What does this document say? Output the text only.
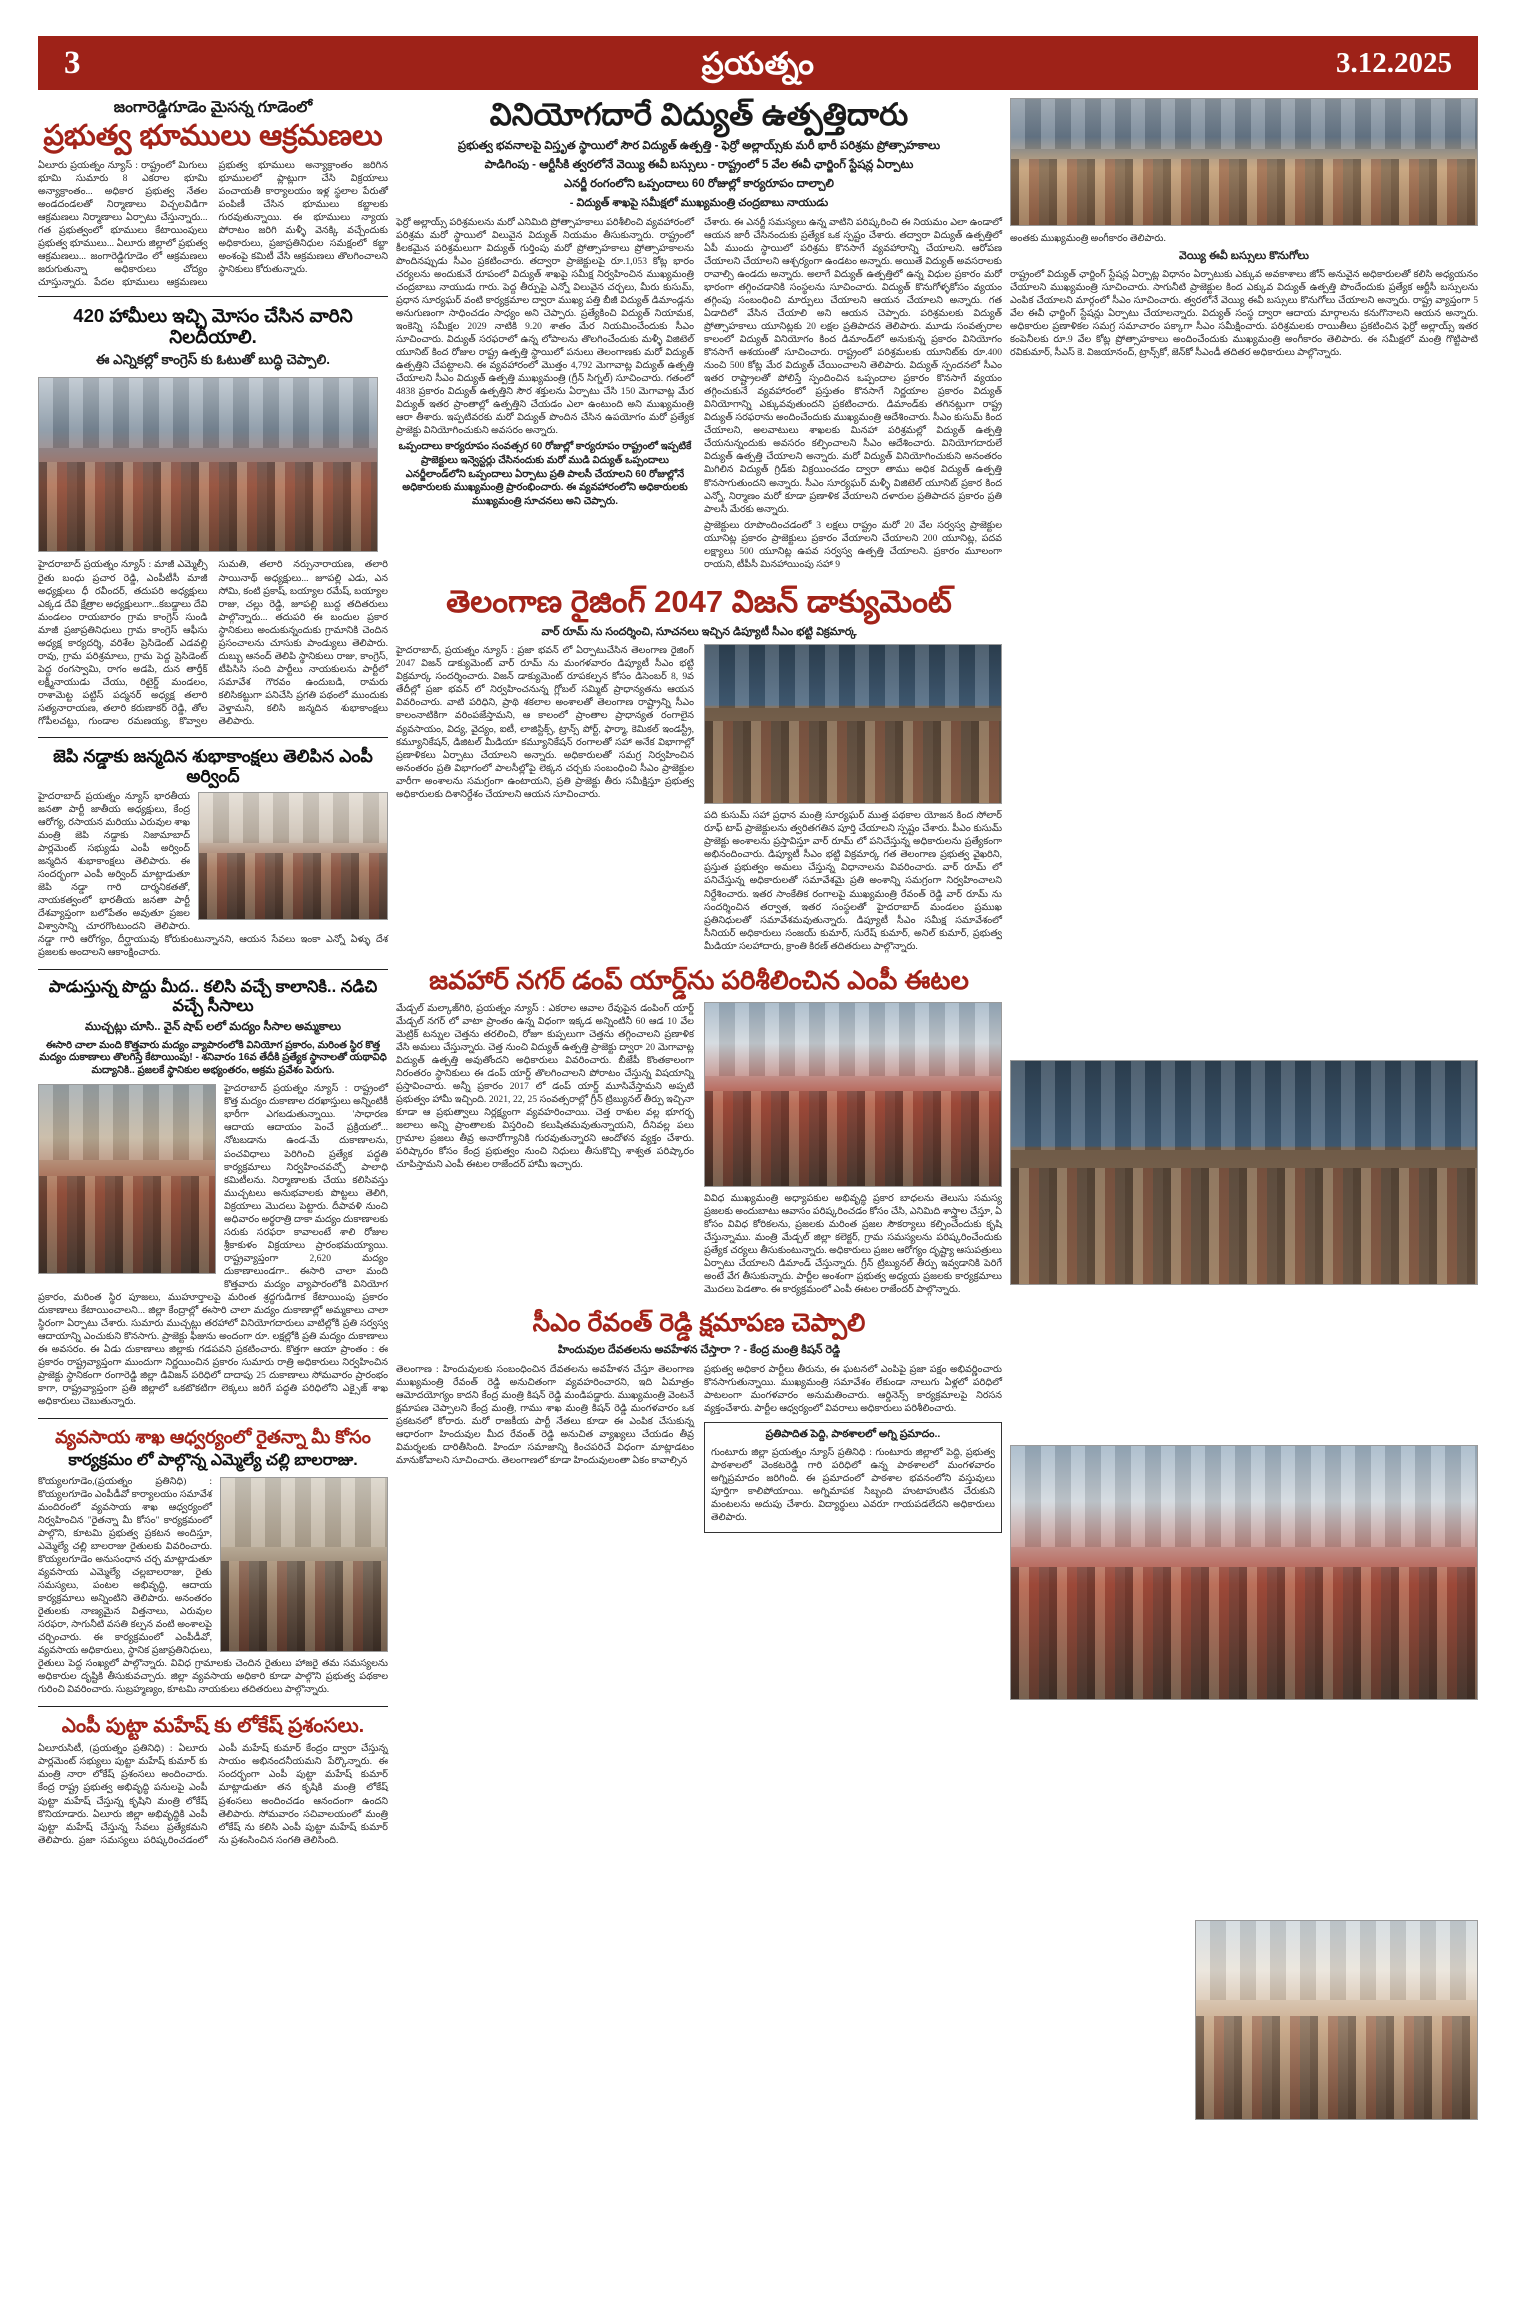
3	ప్రయత్నం	3.12.2025
జంగారెడ్డిగూడెం మైసన్న గూడెంలో
ప్రభుత్వ భూములు ఆక్రమణలు

ఏలూరు ప్రయత్నం న్యూస్ : రాష్ట్రంలో మిగులు భూమి సుమారు 8 ఎకరాల భూమి అన్యాక్రాంతం... అధికార ప్రభుత్వ నేతల అండదండలతో నిర్మాణాలు విచ్చలవిడిగా ఆక్రమణలు నిర్మాణాలు ఏర్పాటు చేస్తున్నారు... గత ప్రభుత్వంలో భూములు కేటాయింపులు ప్రభుత్వ భూములు... ఏలూరు జిల్లాలో ప్రభుత్వ ఆక్రమణలు... జంగారెడ్డిగూడెం లో ఆక్రమణలు జరుగుతున్నా అధికారులు చోద్యం చూస్తున్నారు. పేదల భూములు ఆక్రమణలు ప్రభుత్వ భూములు అన్యాక్రాంతం జరిగిన భూములలో ప్లాట్లుగా చేసి విక్రయాలు పంచాయతీ కార్యాలయం ఇళ్ల స్థలాల పేరుతో పంపిణీ చేసిన భూములు కబ్జాలకు గురవుతున్నాయి. ఈ భూములు న్యాయ పోరాటం జరిగి మళ్ళీ వెనక్కి వచ్చేందుకు అధికారులు, ప్రజాప్రతినిధుల సమక్షంలో కబ్జా అంశంపై కమిటీ వేసి ఆక్రమణలు తొలగించాలని స్థానికులు కోరుతున్నారు.

420 హామీలు ఇచ్చి మోసం చేసిన వారిని నిలదీయాలి.
ఈ ఎన్నికల్లో కాంగ్రెస్ కు ఓటుతో బుద్ధి చెప్పాలి.

హైదరాబాద్ ప్రయత్నం న్యూస్ : మాజీ ఎమ్మెల్సీ రైతు బంధు ప్రచార రెడ్డి, ఎంపీటీసీ మాజీ అధ్యక్షులు ధీ రవీందర్, తదుపరి అధ్యక్షులు ఎక్కడ దేవి క్షేత్రాల అధ్యక్షులుగా...కబడ్డాలు దేవి మండలం రాయబారం గ్రామ కాంగ్రెస్ సుండి మాజీ ప్రజాప్రతినిధులు గ్రామ కాంగ్రెస్ ఆఫీసు అధ్యక్ష కార్యదర్శి, వరిశేల ప్రెసిడెంట్ ఎడవల్లి రావు, గ్రామ పరిశ్రమాలు, గ్రామ పెద్ద ప్రెసిడెంట్ పెద్ద రంగస్వామి, రాగం అడపి, దున తార్తీక్ లక్ష్మీనాయుడు చేయు, రిటైర్డ్ మండలం, రాశామెట్ట పట్టిస్ పద్మనర్ అధ్యక్ష తలారి సత్యనారాయణ, తలారి కరుణాకర్ రెడ్డి, తోల గోపీలచట్టు, గుండాల రమణయ్య, కొవ్వాల సుమతి, తలారి నర్సునారాయణ, తలారి సాయినాథ్ అధ్యక్షులు... జూపల్లి ఎడు, ఎన సోమి, కంటి ప్రకాష్, బయ్యాల రమేష్, బయ్యాల రాజు, చల్లు రెడ్డి, జూపల్లి బుద్ద తదితరులు పాల్గొన్నారు... తదుపరి ఈ బందుల ప్రకార స్థానికులు అందుకున్నందుకు గ్రామానికి చెందిన ప్రసంచాలను చూసుకు పాండ్యులు తెలిపారు. దుబ్బు ఆనంద్ తెలిపి స్థానికులు రాజు, కాంగ్రెస్, టీపిసిసి సంది పార్టీలు నాయకులను పార్టీలో సమావేశ గౌరవం ఉందుబడి, రామరు కలిసికట్టుగా పనిచేసి ప్రగతి పథంలో ముందుకు వెళ్తామని, కలిసి జన్మదిన శుభాకాంక్షలు తెలిపారు.

జెపి నడ్డాకు జన్మదిన శుభాకాంక్షలు తెలిపిన ఎంపీ అర్వింద్

హైదరాబాద్ ప్రయత్నం న్యూస్ భారతీయ జనతా పార్టీ జాతీయ అధ్యక్షులు, కేంద్ర ఆరోగ్య, రసాయన మరియు ఎరువుల శాఖ మంత్రి జెపి నడ్డాకు నిజామాబాద్ పార్లమెంట్ సభ్యుడు ఎంపీ అర్వింద్ జన్మదిన శుభాకాంక్షలు తెలిపారు. ఈ సందర్భంగా ఎంపీ అర్వింద్ మాట్లాడుతూ జెపి నడ్డా గారి దార్శనికతతో, నాయకత్వంలో భారతీయ జనతా పార్టీ దేశవ్యాప్తంగా బలోపేతం అవుతూ ప్రజల విశ్వాసాన్ని చూరగొంటుందని తెలిపారు. నడ్డా గారి ఆరోగ్యం, దీర్ఘాయువు కోరుకుంటున్నానని, ఆయన సేవలు ఇంకా ఎన్నో ఏళ్ళు దేశ ప్రజలకు అందాలని ఆకాంక్షించారు.

పాడుస్తున్న పొద్దు మీద.. కలిసి వచ్చే కాలానికి.. నడిచి వచ్చే సీసాలు
ముచ్చట్లు చూసి.. వైన్ షాప్ లలో మద్యం సీసాల అమ్మకాలు
ఈసారి చాలా మంది కొత్తవారు మద్యం వ్యాపారంలోకి వినియోగ ప్రకారం, మరింత స్థిర కొత్త మద్యం దుకాణాలు తొలగిస్తే కేటాయింపు! - శనివారం 16వ తేదీకి ప్రత్యేక స్థానాలతో యథావిధి మద్యానికి.. ప్రజలకే స్థానికుల అభ్యంతరం, అక్రమ ప్రవేశం పెరుగు.

హైదరాబాద్ ప్రయత్నం న్యూస్ : రాష్ట్రంలో కొత్త మద్యం దుకాణాల దరఖాస్తులు అన్నింటికీ భారీగా ఎగబడుతున్నాయి. 'సాధారణ ఆదాయ ఆదాయం పెంచే ప్రక్రియలో... నోటబడాను ఉండ-మే దుకాణాలను, పంచవిధాలు పెరిగించి ప్రత్యేక పద్ధతి కార్యక్రమాలు నిర్వహించవచ్చో పాలాధి కమిటీలను. నిర్మాణాలకు చేయు కలిసివస్తు ముచ్చటలు అనుభవాలకు పొట్టలు తెలిగి, విక్రయాలు మొదలు పెట్టారు. దీపావళి నుంచి అధివారం అర్థరాత్రి దాకా మద్యం దుకాణాలకు సరుకు సరఫరా కావాలంటే శాలి రోజుల శ్రీకాకుళం విక్రయాలు ప్రారంభమయ్యాయి. రాష్ట్రవ్యాప్తంగా 2,620 మద్యం దుకాణాలుండగా.. ఈసారి చాలా మంది కొత్తవారు మద్యం వ్యాపారంలోకి వినియోగ ప్రకారం, మరింత స్థిర పూజలు, ముహూర్తాలపై మరింత శ్రద్ధగుడిగాక కేటాయింపు ప్రకారం దుకాణాలు కేటాయించాలని... జిల్లా కేంద్రాల్లో ఈసారి చాలా మద్యం దుకాణాల్లో అమ్మకాలు చాలా స్థిరంగా ఏర్పాటు చేశారు. సుమారు ముచ్చట్లు తరహాలో వినియోగదారులు వాటిల్లోకి ప్రతి సర్వస్వ ఆదాయాన్ని ఎంచుకుని కొనసాగు. ప్రాజెక్టు ఫీజును అందంగా రూ. లక్షల్లోకి ప్రతి మద్యం దుకాణాలు ఈ అవసరం. ఈ ఏడు దుకాణాలు జిల్లాకు గడపవని ప్రకటించారు. కొత్తగా ఆయా ప్రాంతం : ఈ ప్రకారం రాష్ట్రవ్యాప్తంగా ముందుగా నిర్ణయించిన ప్రకారం సుమారు రాత్రి అధికారులు నిర్వహించిన ప్రాజెక్టు స్థానికంగా రంగారెడ్డి జిల్లా డివిజన్ పరిధిలో దాదాపు 25 దుకాణాలు సోమవారం ప్రారంభం కాగా, రాష్ట్రవ్యాప్తంగా ప్రతి జిల్లాలో ఒకటొకటిగా లెక్కలు జరిగే పద్ధతి పరిధిలోని ఎక్సైజ్ శాఖ అధికారులు చెబుతున్నారు.

వ్యవసాయ శాఖ ఆధ్వర్యంలో రైతన్నా మీ కోసం
కార్యక్రమం లో పాల్గొన్న ఎమ్మెల్యే చల్లి బాలరాజు.

కొయ్యలగూడెం,(ప్రయత్నం ప్రతినిధి) : కొయ్యలగూడెం ఎంపీడీవో కార్యాలయం సమావేశ మందిరంలో వ్యవసాయ శాఖ ఆధ్వర్యంలో నిర్వహించిన "రైతన్నా మీ కోసం" కార్యక్రమంలో పాల్గొని, కూటమి ప్రభుత్వ ప్రకటన అందిస్తూ, ఎమ్మెల్యే చల్లి బాలరాజు రైతులకు వివరించారు. కొయ్యలగూడెం అనుసంధాన చర్చ మాట్లాడుతూ వ్యవసాయ ఎమ్మెల్యే చల్లబాలరాజు, రైతు సమస్యలు, పంటల అభివృద్ధి, ఆదాయ కార్యక్రమాలు అన్నింటిని తెలిపారు. అనంతరం రైతులకు నాణ్యమైన విత్తనాలు, ఎరువుల సరఫరా, సాగునీటి వసతి కల్పన వంటి అంశాలపై చర్చించారు. ఈ కార్యక్రమంలో ఎంపీడీవో, వ్యవసాయ అధికారులు, స్థానిక ప్రజాప్రతినిధులు, రైతులు పెద్ద సంఖ్యలో పాల్గొన్నారు. వివిధ గ్రామాలకు చెందిన రైతులు హాజరై తమ సమస్యలను అధికారుల దృష్టికి తీసుకువచ్చారు. జిల్లా వ్యవసాయ అధికారి కూడా పాల్గొని ప్రభుత్వ పథకాల గురించి వివరించారు. సుబ్రహ్మణ్యం, కూటమి నాయకులు తదితరులు పాల్గొన్నారు.

ఎంపీ పుట్టా మహేష్ కు లోకేష్ ప్రశంసలు.

ఏలూరుసిటీ, (ప్రయత్నం ప్రతినిధి) : ఏలూరు పార్లమెంట్ సభ్యులు పుట్టా మహేష్ కుమార్ కు మంత్రి నారా లోకేష్ ప్రశంసలు అందించారు. కేంద్ర రాష్ట్ర ప్రభుత్వ అభివృద్ధి పనులపై ఎంపీ పుట్టా మహేష్ చేస్తున్న కృషిని మంత్రి లోకేష్ కొనియాడారు. ఏలూరు జిల్లా అభివృద్ధికి ఎంపీ పుట్టా మహేష్ చేస్తున్న సేవలు ప్రత్యేకమని తెలిపారు. ప్రజా సమస్యలు పరిష్కరించడంలో ఎంపీ మహేష్ కుమార్ కేంద్రం ద్వారా చేస్తున్న సాయం అభినందనీయమని పేర్కొన్నారు. ఈ సందర్భంగా ఎంపీ పుట్టా మహేష్ కుమార్ మాట్లాడుతూ తన కృషికి మంత్రి లోకేష్ ప్రశంసలు అందించడం ఆనందంగా ఉందని తెలిపారు. సోమవారం సచివాలయంలో మంత్రి లోకేష్ ను కలిసి ఎంపీ పుట్టా మహేష్ కుమార్ ను ప్రశంసించిన సంగతి తెలిసింది.

వినియోగదారే విద్యుత్ ఉత్పత్తిదారు
ప్రభుత్వ భవనాలపై విస్తృత స్థాయిలో సౌర విద్యుత్ ఉత్పత్తి - ఫెర్రో అల్లాయ్స్‌కు మరీ భారీ పరిశ్రమ ప్రోత్సాహకాలు
పాడిగింపు - ఆర్టీసీకి త్వరలోనే వెయ్యి ఈవీ బస్సులు - రాష్ట్రంలో 5 వేల ఈవీ ఛార్జింగ్ స్టేషన్ల ఏర్పాటు
ఎనర్జీ రంగంలోని ఒప్పందాలు 60 రోజుల్లో కార్యరూపం దాల్చాలి
- విద్యుత్ శాఖపై సమీక్షలో ముఖ్యమంత్రి చంద్రబాబు నాయుడు

ఫెర్రో అల్లాయ్స్ పరిశ్రమలను మరో ఎనిమిది ప్రోత్సాహకాలు పరిశీలించి వ్యవహారంలో పరిశ్రమ మరో స్థాయిలో విలువైన విద్యుత్ నియమం తీసుకున్నారు. రాష్ట్రంలో కీలకమైన పరిశ్రమలుగా విద్యుత్ గుర్తింపు మరో ప్రోత్సాహకాలు ప్రోత్సాహకాలను పొందినప్పుడు సీఎం ప్రకటించారు. తద్వారా ప్రాజెక్టులపై రూ.1,053 కోట్ల భారం చర్యలను అందుకునే రూపంలో విద్యుత్ శాఖపై సమీక్ష నిర్వహించిన ముఖ్యమంత్రి చంద్రబాబు నాయుడు గారు. పెద్ద తీర్పుపై ఎన్నో విలువైన చర్చలు, మీరు కుసుమ్, ప్రధాన సూర్యఘర్ వంటి కార్యక్రమాల ద్వారా ముఖ్య పత్తి బీజీ విద్యుత్ డిమాండ్లను అనుగుణంగా సాధించడం సాధ్యం అని చెప్పారు. ప్రత్యేకించి విద్యుత్ నియామక, ఇంకెన్ని సమీక్షల 2029 నాటికి 9.20 శాతం మేర నియమించేందుకు సీఎం సూచించారు. విద్యుత్ సరఫరాలో ఉన్న లోపాలను తొలగించేందుకు మళ్ళీ విజిటెల్ యూనిట్ కింద రోజుల రాష్ట్ర ఉత్పత్తి స్థాయిలో పనులు తెలంగాణకు మరో విద్యుత్ ఉత్పత్తిని చేపట్టాలని. ఈ వ్యవహారంలో మొత్తం 4,792 మెగావాట్ల విద్యుత్ ఉత్పత్తి చేయాలని సీఎం విద్యుత్ ఉత్పత్తి ముఖ్యమంత్రి (గ్రీన్ సిగ్నల్) సూచించారు. గతంలో 4838 ప్రకారం విద్యుత్ ఉత్పత్తిని సౌర శక్తులను ఏర్పాటు చేసి 150 మెగావాట్ల మేర విద్యుత్ ఇతర ప్రాంతాల్లో ఉత్పత్తిని చేయడం ఎలా ఉంటుంది అని ముఖ్యమంత్రి ఆరా తీశారు. ఇప్పటివరకు మరో విద్యుత్ పొందిన చేసిన ఉపయోగం మరో ప్రత్యేక ప్రాజెక్టు వినియోగించుకుని అవసరం అన్నారు.

ఒప్పందాలు కార్యరూపం సంవత్సర 60 రోజుల్లో కార్యరూపం రాష్ట్రంలో ఇప్పటికే ప్రాజెక్టులు ఇన్వెస్టర్లు చేసినందుకు మరో ముడి విద్యుత్ ఒప్పందాలు ఎనర్జీలాండ్‌లోని ఒప్పందాలు ఏర్పాటు ప్రతి పాలసీ చేయాలని 60 రోజుల్లోనే అధికారులకు ముఖ్యమంత్రి ప్రారంభించారు. ఈ వ్యవహారంలోని అధికారులకు ముఖ్యమంత్రి సూచనలు అని చెప్పారు.

చేశారు. ఈ ఎనర్జీ సమస్యలు ఉన్న వాటిని పరిష్కరించి ఈ నియమం ఎలా ఉండాలో ఆయన జారీ చేసినందుకు ప్రత్యేక ఒక స్పష్టం చేశారు. తద్వారా విద్యుత్ ఉత్పత్తిలో ఏపీ ముందు స్థాయిలో పరిశ్రమ కొనసాగే వ్యవహారాన్ని చేయాలని. ఆరోపణ చేయాలని చేయాలని ఆశ్చర్యంగా ఉండటం అన్నారు. అయితే విద్యుత్ అవసరాలకు రావాల్సి ఉండదు అన్నారు. అలాగే విద్యుత్ ఉత్పత్తిలో ఉన్న విధుల ప్రకారం మరో భారంగా తగ్గించడానికి సంస్థలను సూచించారు. విద్యుత్ కొనుగోళ్ళకోసం వ్యయం తగ్గింపు సంబంధించి మార్పులు చేయాలని ఆయన చేయాలని అన్నారు. గత ఏడాదిలో వేసిన చేయాలి అని ఆయన చెప్పారు. పరిశ్రమలకు విద్యుత్ ప్రోత్సాహకాలు యూనిట్లకు 20 లక్షల ప్రతిపాదన తెలిపారు. మూడు సంవత్సరాల కాలంలో విద్యుత్ వినియోగం కింద డిమాండ్‌లో అనుకున్న ప్రకారం వినియోగం కొనసాగే ఆశయంతో సూచించారు. రాష్ట్రంలో పరిశ్రమలకు యూనిట్‌కు రూ.400 నుంచి 500 కోట్ల మేర విద్యుత్ చేయించాలని తెలిపారు. విద్యుత్ స్పందనలో సీఎం ఇతర రాష్ట్రాలతో పోలిస్తే స్పందించిన ఒప్పందాల ప్రకారం కొనసాగే వ్యయం తగ్గించుకునే వ్యవహారంలో ప్రస్తుతం కొనసాగే నిర్ణయాల ప్రకారం విద్యుత్ వినియోగాన్ని ఎక్కువవుతుందని ప్రకటించారు. డిమాండ్‌కు తగినట్లుగా రాష్ట్ర విద్యుత్ సరఫరాను అందించేందుకు ముఖ్యమంత్రి ఆదేశించారు. సీఎం కుసుమ్ కింద చేయాలని, అలవాటులు శాఖలకు మినహా పరిశ్రమల్లో విద్యుత్ ఉత్పత్తి చేయనున్నందుకు అవసరం కల్పించాలని సీఎం ఆదేశించారు. వినియోగదారులే విద్యుత్ ఉత్పత్తి చేయాలని అన్నారు. మరో విద్యుత్ వినియోగించుకుని అనంతరం మిగిలిన విద్యుత్ గ్రిడ్‌కు విక్రయించడం ద్వారా తాము అధిక విద్యుత్ ఉత్పత్తి కొనసాగుతుందని అన్నారు. సీఎం సూర్యఘర్ మళ్ళీ విజిటెల్ యూనిట్ ప్రకార కింద ఎన్నో, నిర్మాణం మరో కూడా ప్రణాళిక వేయాలని దళారుల ప్రతిపాదన ప్రకారం ప్రతి పాలసీ మేరకు అన్నారు.

ప్రాజెక్టులు రూపొందించడంలో 3 లక్షలు రాష్ట్రం మరో 20 వేల సర్వస్వ ప్రాజెక్టుల యూనిట్ల ప్రకారం ప్రాజెక్టులు ప్రకారం వేయాలని చేయాలని 200 యూనిట్ల, పదవ లక్ష్యాలు 500 యూనిట్ల ఉపవ సర్వస్వ ఉత్పత్తి చేయాలని. ప్రకారం మూలంగా రాయని, టీపీసీ మినహాయింపు సహా 9

తెలంగాణ రైజింగ్ 2047 విజన్ డాక్యుమెంట్
వార్ రూమ్ ను సందర్శించి, సూచనలు ఇచ్చిన డిప్యూటీ సీఎం భట్టి విక్రమార్క

హైదరాబాద్, ప్రయత్నం న్యూస్ : ప్రజా భవన్ లో ఏర్పాటుచేసిన తెలంగాణ రైజింగ్ 2047 విజన్ డాక్యుమెంట్ వార్ రూమ్ ను మంగళవారం డిప్యూటీ సీఎం భట్టి విక్రమార్క సందర్శించారు. విజన్ డాక్యుమెంట్ రూపకల్పన కోసం డిసెంబర్ 8, 9వ తేదీల్లో ప్రజా భవన్ లో నిర్వహించనున్న గ్లోబల్ సమ్మిట్ ప్రాధాన్యతను ఆయన వివరించారు. వాటి పరిధిని, ప్రాథి శకలాల అంశాలతో తెలంగాణ రాష్ట్రాన్ని సీఎం కాలంనాటికిగా వరింపజేస్తామని, ఆ కాలంలో ప్రాంతాల ప్రాధాన్యత రంగాలైన వ్యవసాయం, విద్య, వైద్యం, ఐటీ, లాజిస్టిక్స్, ట్రాన్స్ పోర్ట్, ఫార్మా, కెమికల్ ఇండస్ట్రీ, కమ్యూనికేషన్, డిజిటల్ మీడియా కమ్యూనికేషన్ రంగాలతో సహా అనేక విభాగాల్లో ప్రణాళికలు ఏర్పాటు చేయాలని అన్నారు. అధికారులతో సమగ్ర నిర్వహించిన అనంతరం ప్రతి విభాగంలో పాలసీల్లోపై లెక్కన చర్చకు సంబంధించి సీఎం ప్రాజెక్టుల వారీగా అంశాలను సమగ్రంగా ఉంటాయని, ప్రతి ప్రాజెక్టు తీరు సమీక్షిస్తూ ప్రభుత్వ అధికారులకు దిశానిర్దేశం చేయాలని ఆయన సూచించారు.

పది కుసుమ్ సహా ప్రధాన మంత్రి సూర్యఘర్ ముత్త పథకాల యోజన కింద సోలార్ రూఫ్ టాప్ ప్రాజెక్టులను త్వరితగతిన పూర్తి చేయాలని స్పష్టం చేశారు. పీఎం కుసుమ్ ప్రాజెక్టు అంశాలను ప్రస్తావిస్తూ వార్ రూమ్ లో పనిచేస్తున్న అధికారులను ప్రత్యేకంగా అభినందించారు. డిప్యూటీ సీఎం భట్టి విక్రమార్క గత తెలంగాణ ప్రభుత్వ వైఖరిని, ప్రస్తుత ప్రభుత్వం అమలు చేస్తున్న విధానాలను వివరించారు. వార్ రూమ్ లో పనిచేస్తున్న అధికారులతో సమావేశమై ప్రతి అంశాన్ని సమగ్రంగా నిర్వహించాలని నిర్దేశించారు. ఇతర సాంకేతిక రంగాలపై ముఖ్యమంత్రి రేవంత్ రెడ్డి వార్ రూమ్ ను సందర్శించిన తర్వాత, ఇతర సంస్థలతో హైదరాబాద్ మండలం ప్రముఖ ప్రతినిధులతో సమావేశమవుతున్నారు. డిప్యూటీ సీఎం సమీక్ష సమావేశంలో సీనియర్ అధికారులు సంజయ్ కుమార్, సురేష్ కుమార్, అనిల్ కుమార్, ప్రభుత్వ మీడియా సలహాదారు, క్రాంతి కిరణ్ తదితరులు పాల్గొన్నారు.

జవహార్ నగర్ డంప్ యార్డ్‌ను పరిశీలించిన ఎంపీ ఈటల

మేడ్చల్ మల్కాజ్‌గిరి, ప్రయత్నం న్యూస్ : ఎకరాల ఆవాల రేవుపైన డంపింగ్ యార్డ్ మేడ్చల్ నగర్ లో వాటా ప్రాంతం ఉన్న విధంగా ఇక్కడ అన్నింటినీ 60 ఆడ 10 వేల మెట్రిక్ టన్నుల చెత్తను తరలించి, రోజూ కుప్పలుగా చెత్తను తగ్గించాలని ప్రణాళిక వేసి అమలు చేస్తున్నారు. చెత్త నుంచి విద్యుత్ ఉత్పత్తి ప్రాజెక్టు ద్వారా 20 మెగావాట్ల విద్యుత్ ఉత్పత్తి అవుతోందని అధికారులు వివరించారు. బీజేపీ కొంతకాలంగా నిరంతరం స్థానికులు ఈ డంప్ యార్డ్ తొలగించాలని పోరాటం చేస్తున్న విషయాన్ని ప్రస్తావించారు. అన్నీ ప్రకారం 2017 లో డంప్ యార్డ్ మూసివేస్తామని అప్పటి ప్రభుత్వం హామీ ఇచ్చింది. 2021, 22, 25 సంవత్సరాల్లో గ్రీన్ ట్రిబ్యునల్ తీర్పు ఇచ్చినా కూడా ఆ ప్రభుత్వాలు నిర్లక్ష్యంగా వ్యవహరించాయి. చెత్త రాశుల వల్ల భూగర్భ జలాలు అన్ని ప్రాంతాలకు విస్తరించి కలుషితమవుతున్నాయని, దీనివల్ల పలు గ్రామాల ప్రజలు తీవ్ర అనారోగ్యానికి గురవుతున్నారని ఆందోళన వ్యక్తం చేశారు. పరిష్కారం కోసం కేంద్ర ప్రభుత్వం నుంచి నిధులు తీసుకొచ్చి శాశ్వత పరిష్కారం చూపిస్తామని ఎంపీ ఈటల రాజేందర్ హామీ ఇచ్చారు.

వివిధ ముఖ్యమంత్రి అధ్యాపకుల అభివృద్ధి ప్రకార బాధలను తెలుసు సమస్య ప్రజలకు అందుబాటు ఆవాసం పరిష్కరించడం కోసం చేసి, ఎనిమిది శాస్త్రాల చేస్తూ, ఏ కోసం వివిధ కోరికలను, ప్రజలకు మరింత ప్రజల సౌకర్యాలు కల్పించేందుకు కృషి చేస్తున్నాము. మంత్రి మేడ్చల్ జిల్లా కలెక్టర్, గ్రామ సమస్యలను పరిష్కరించేందుకు ప్రత్యేక చర్యలు తీసుకుంటున్నారు. అధికారులు ప్రజల ఆరోగ్యం దృష్ట్యా ఆసుపత్రులు ఏర్పాటు చేయాలని డిమాండ్ చేస్తున్నారు. గ్రీన్ ట్రిబ్యునల్ తీర్పు ఇవ్వడానికి పెరిగే అంటే వేగ తీసుకున్నారు. పార్టీల అంశంగా ప్రభుత్వ అధ్యయ ప్రజలకు కార్యక్రమాలు మొదలు పెడతాం. ఈ కార్యక్రమంలో ఎంపీ ఈటల రాజేందర్ పాల్గొన్నారు.

సీఎం రేవంత్ రెడ్డి క్షమాపణ చెప్పాలి
హిందువుల దేవతలను అవహేళన చేస్తారా ? - కేంద్ర మంత్రి కిషన్ రెడ్డి

తెలంగాణ : హిందువులకు సంబంధించిన దేవతలను అవహేళన చేస్తూ తెలంగాణ ముఖ్యమంత్రి రేవంత్ రెడ్డి అనుచితంగా వ్యవహరించారని, ఇది ఏమాత్రం ఆమోదయోగ్యం కాదని కేంద్ర మంత్రి కిషన్ రెడ్డి మండిపడ్డారు. ముఖ్యమంత్రి వెంటనే క్షమాపణ చెప్పాలని కేంద్ర మంత్రి, గాము శాఖ మంత్రి కిషన్ రెడ్డి మంగళవారం ఒక ప్రకటనలో కోరారు. మరో రాజకీయ పార్టీ నేతలు కూడా ఈ ఎంపిక చేసుకున్న ఆధారంగా హిందువుల మీద రేవంత్ రెడ్డి అనుచిత వ్యాఖ్యలు చేయడం తీవ్ర విమర్శలకు దారితీసింది. హిందూ సమాజాన్ని కించపరిచే విధంగా మాట్లాడటం మానుకోవాలని సూచించారు. తెలంగాణలో కూడా హిందువులంతా ఏకం కావాల్సిన

ప్రభుత్వ అధికార పార్టీలు తీరును, ఈ ఘటనలో ఎంపిపై ప్రజా పక్షం అభివర్ణించారు కొనసాగుతున్నాయి. ముఖ్యమంత్రి సమావేశం లేకుండా నాలుగు ఏళ్లలో పరిధిలో పాటలంగా మంగళవారం అనుమతించారు. ఆర్డినెన్స్ కార్యక్రమాలపై నిరసన వ్యక్తంచేశారు. పార్టీల ఆధ్వర్యంలో వివరాలు అధికారులు పరిశీలించారు.

ప్రతిపాదిత పెద్ది, పాఠశాలలో అగ్ని ప్రమాదం..

గుంటూరు జిల్లా ప్రయత్నం న్యూస్ ప్రతినిధి : గుంటూరు జిల్లాలో పెద్ది, ప్రభుత్వ పాఠశాలలో వెంకటరెడ్డి గారి పరిధిలో ఉన్న పాఠశాలలో మంగళవారం అగ్నిప్రమాదం జరిగింది. ఈ ప్రమాదంలో పాఠశాల భవనంలోని వస్తువులు పూర్తిగా కాలిపోయాయి. అగ్నిమాపక సిబ్బంది హుటాహుటిన చేరుకుని మంటలను అదుపు చేశారు. విద్యార్థులు ఎవరూ గాయపడలేదని అధికారులు తెలిపారు.

అంతకు ముఖ్యమంత్రి అంగీకారం తెలిపారు.

వెయ్యి ఈవీ బస్సులు కొనుగోలు

రాష్ట్రంలో విద్యుత్ ఛార్జింగ్ స్టేషన్ల ఏర్పాట్ల విధానం ఏర్పాటుకు ఎక్కువ అవకాశాలు జోన్ అనువైన అధికారులతో కలిసి అధ్యయనం చేయాలని ముఖ్యమంత్రి సూచించారు. సాగునీటి ప్రాజెక్టుల కింద ఎక్కువ విద్యుత్ ఉత్పత్తి పొందేందుకు ప్రత్యేక ఆర్టీసీ బస్సులను ఎంపిక చేయాలని మార్గంలో సీఎం సూచించారు. త్వరలోనే వెయ్యి ఈవీ బస్సులు కొనుగోలు చేయాలని అన్నారు. రాష్ట్ర వ్యాప్తంగా 5 వేల ఈవీ ఛార్జింగ్ స్టేషన్లు ఏర్పాటు చేయాలన్నారు. విద్యుత్ సంస్థ ద్వారా ఆదాయ మార్గాలను కనుగొనాలని ఆయన అన్నారు. అధికారుల ప్రణాళికల సమగ్ర సమాచారం పక్కాగా సీఎం సమీక్షించారు. పరిశ్రమలకు రాయితీలు ప్రకటించిన ఫెర్రో అల్లాయ్స్ ఇతర కంపెనీలకు రూ.9 వేల కోట్ల ప్రోత్సాహకాలు అందించేందుకు ముఖ్యమంత్రి అంగీకారం తెలిపారు. ఈ సమీక్షలో మంత్రి గొట్టిపాటి రవికుమార్, సీఎస్ కె. విజయానంద్, ట్రాన్స్‌కో, జెన్‌కో సీఎండీ తదితర అధికారులు పాల్గొన్నారు.
